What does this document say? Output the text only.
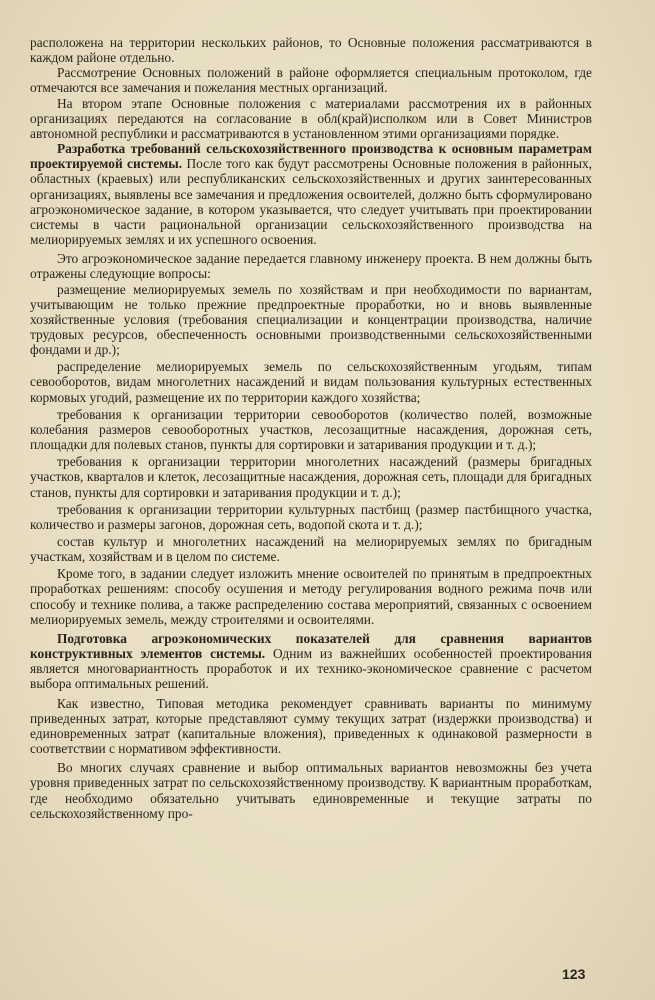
расположена на территории нескольких районов, то Основные положения рассматриваются в каждом районе отдельно.

Рассмотрение Основных положений в районе оформляется специальным протоколом, где отмечаются все замечания и пожелания местных организаций.

На втором этапе Основные положения с материалами рассмотрения их в районных организациях передаются на согласование в обл(край)исполком или в Совет Министров автономной республики и рассматриваются в установленном этими организациями порядке.

Разработка требований сельскохозяйственного производства к основным параметрам проектируемой системы. После того как будут рассмотрены Основные положения в районных, областных (краевых) или республиканских сельскохозяйственных и других заинтересованных организациях, выявлены все замечания и предложения освоителей, должно быть сформулировано агроэкономическое задание, в котором указывается, что следует учитывать при проектировании системы в части рациональной организации сельскохозяйственного производства на мелиорируемых землях и их успешного освоения.

Это агроэкономическое задание передается главному инженеру проекта. В нем должны быть отражены следующие вопросы:

размещение мелиорируемых земель по хозяйствам и при необходимости по вариантам, учитывающим не только прежние предпроектные проработки, но и вновь выявленные хозяйственные условия (требования специализации и концентрации производства, наличие трудовых ресурсов, обеспеченность основными производственными сельскохозяйственными фондами и др.);

распределение мелиорируемых земель по сельскохозяйственным угодьям, типам севооборотов, видам многолетних насаждений и видам пользования культурных естественных кормовых угодий, размещение их по территории каждого хозяйства;

требования к организации территории севооборотов (количество полей, возможные колебания размеров севооборотных участков, лесозащитные насаждения, дорожная сеть, площадки для полевых станов, пункты для сортировки и затаривания продукции и т. д.);

требования к организации территории многолетних насаждений (размеры бригадных участков, кварталов и клеток, лесозащитные насаждения, дорожная сеть, площади для бригадных станов, пункты для сортировки и затаривания продукции и т. д.);

требования к организации территории культурных пастбищ (размер пастбищного участка, количество и размеры загонов, дорожная сеть, водопой скота и т. д.);

состав культур и многолетних насаждений на мелиорируемых землях по бригадным участкам, хозяйствам и в целом по системе.

Кроме того, в задании следует изложить мнение освоителей по принятым в предпроектных проработках решениям: способу осушения и методу регулирования водного режима почв или способу и технике полива, а также распределению состава мероприятий, связанных с освоением мелиорируемых земель, между строителями и освоителями.

Подготовка агроэкономических показателей для сравнения вариантов конструктивных элементов системы. Одним из важнейших особенностей проектирования является многовариантность проработок и их технико-экономическое сравнение с расчетом выбора оптимальных решений.

Как известно, Типовая методика рекомендует сравнивать варианты по минимуму приведенных затрат, которые представляют сумму текущих затрат (издержки производства) и единовременных затрат (капитальные вложения), приведенных к одинаковой размерности в соответствии с нормативом эффективности.

Во многих случаях сравнение и выбор оптимальных вариантов невозможны без учета уровня приведенных затрат по сельскохозяйственному производству. К вариантным проработкам, где необходимо обязательно учитывать единовременные и текущие затраты по сельскохозяйственному про-

123
